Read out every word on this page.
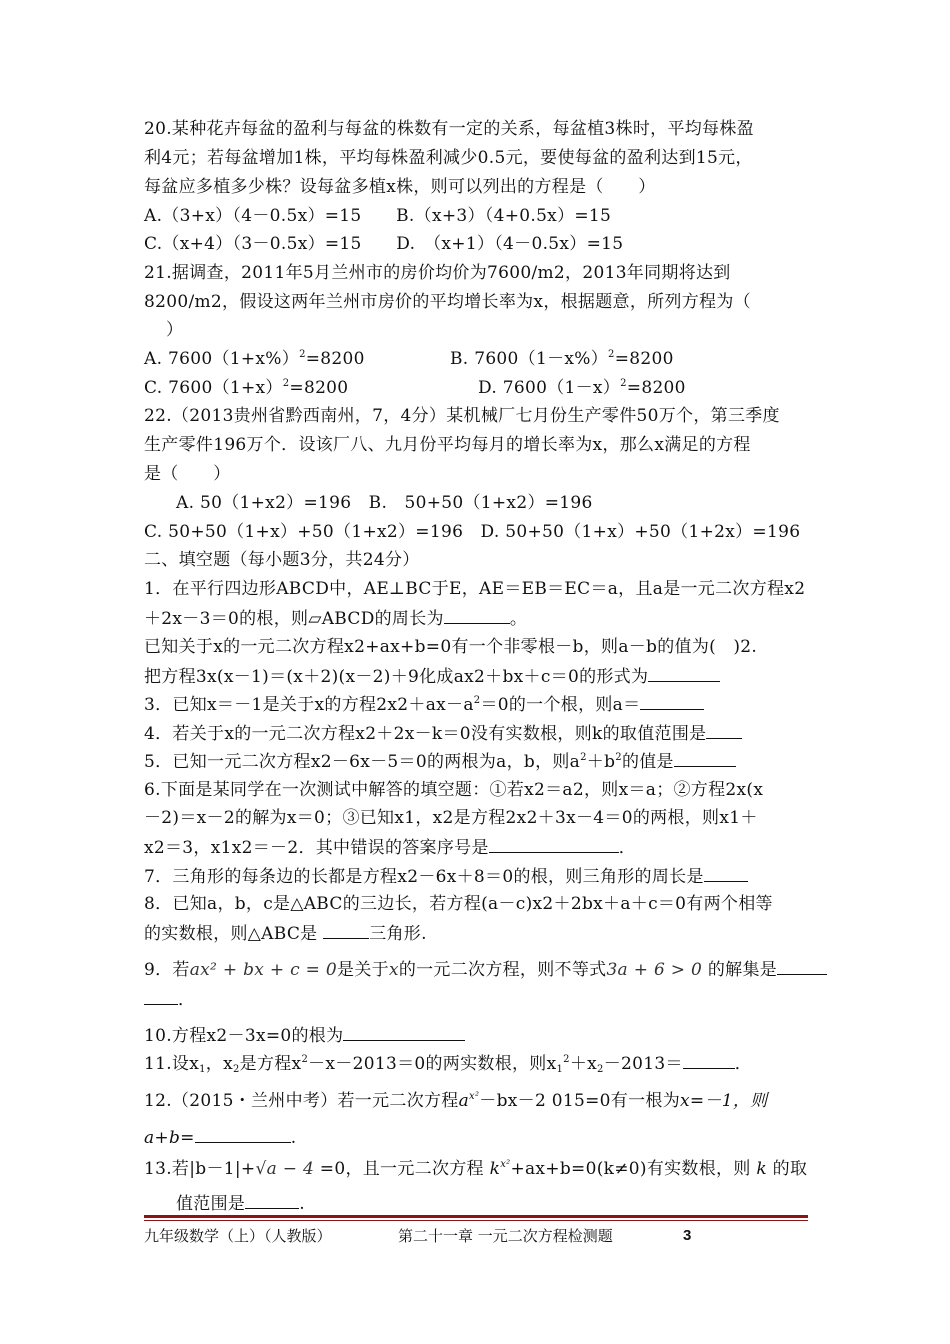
20.某种花卉每盆的盈利与每盆的株数有一定的关系，每盆植3株时，平均每株盈
利4元；若每盆增加1株，平均每株盈利减少0.5元，要使每盆的盈利达到15元，
每盆应多植多少株？设每盆多植x株，则可以列出的方程是（　　）
A.（3+x）（4－0.5x）=15　　B.（x+3）（4+0.5x）=15
C.（x+4）（3－0.5x）=15　　D.　（x+1）（4－0.5x）=15
21.据调查，2011年5月兰州市的房价均价为7600/m2，2013年同期将达到
8200/m2，假设这两年兰州市房价的平均增长率为x，根据题意，所列方程为（
）
A. $7600(1+x\%)^2=8200$	B. $7600(1-x\%)^2=8200$
C. $7600(1+x)^2=8200$	D. $7600(1-x)^2=8200$
22.（2013贵州省黔西南州，7，4分）某机械厂七月份生产零件50万个，第三季度
生产零件196万个．设该厂八、九月份平均每月的增长率为x，那么x满足的方程
是（　　）
A. 50（1+x2）=196　B.　50+50（1+x2）=196
C. 50+50（1+x）+50（1+x2）=196　D. 50+50（1+x）+50（1+2x）=196
二、填空题（每小题3分，共24分）
1．在平行四边形ABCD中，AE⊥BC于E，AE＝EB＝EC＝a，且a是一元二次方程x2
＋2x－3＝0的根，则▱ABCD的周长为	。
已知关于x的一元二次方程x2+ax+b=0有一个非零根－b，则a－b的值为(　)2.
把方程3x(x－1)＝(x＋2)(x－2)＋9化成ax2＋bx＋c＝0的形式为
3．已知x＝－1是关于x的方程$2x2+ax-a^2=0$的一个根，则a＝
4．若关于x的一元二次方程x2＋2x－k＝0没有实数根，则k的取值范围是
5．已知一元二次方程x2－6x－5＝0的两根为a，b，则$a^2+b^2$的值是
6.下面是某同学在一次测试中解答的填空题：①若x2＝a2，则x＝a；②方程2x(x
－2)＝x－2的解为x＝0；③已知x1，x2是方程2x2＋3x－4＝0的两根，则x1＋
x2＝3，x1x2＝－2．其中错误的答案序号是	．
7．三角形的每条边的长都是方程x2－6x＋8＝0的根，则三角形的周长是
8．已知a，b，c是△ABC的三边长，若方程(a－c)x2＋2bx＋a＋c＝0有两个相等
的实数根，则△ABC是	三角形.
9．若ax² + bx + c = 0是关于x的一元二次方程，则不等式3a + 6 > 0 的解集是
．
10.方程x2－3x=0的根为
11.设$x_1$，$x_2$是方程$x^2-x-2013=0$的两实数根，则$x_1^2+x_2-2013=$	．
12.（2015・兰州中考）若一元二次方程$a^{x^2}-bx-2$ 015=0有一根为x=－1，则
a+b=	.
13.若|b－1|+√a − 4 =0，且一元二次方程 $k^{x^2}+ax+b=0(k\ne 0)$有实数根，则 k 的取
值范围是	.
九年级数学（上）（人教版）	第二十一章 一元二次方程检测题	3
